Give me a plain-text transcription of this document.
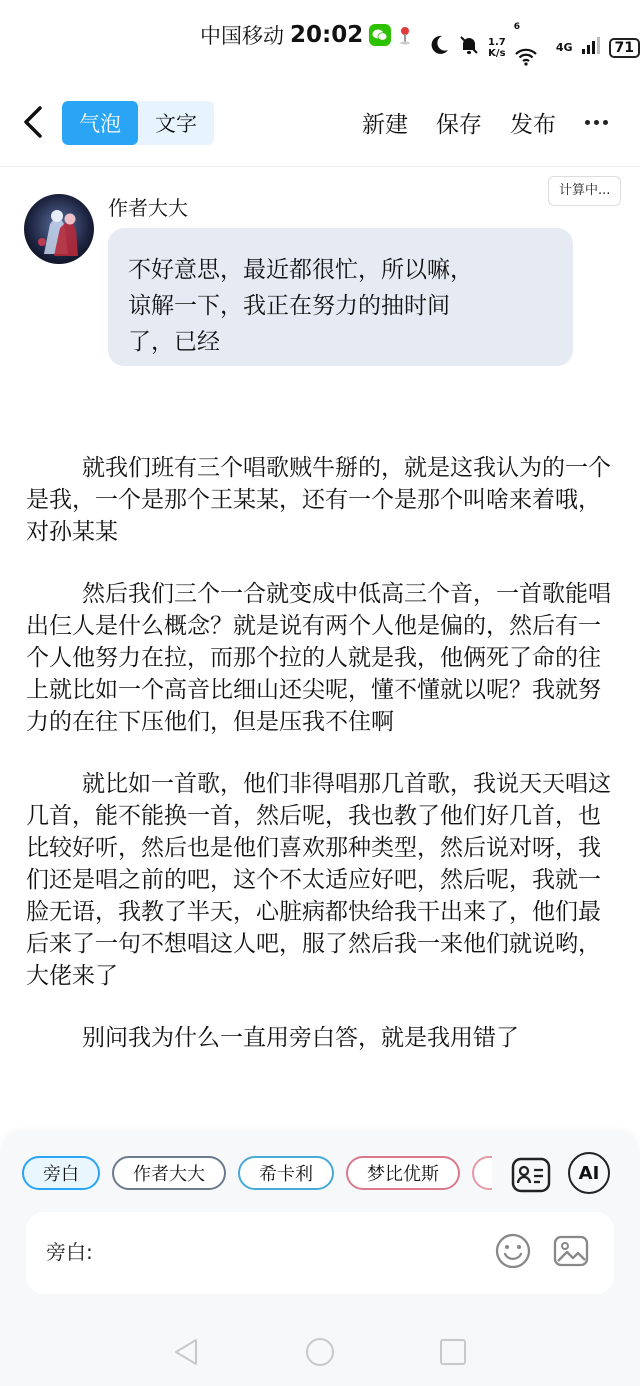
中国移动 20:02	1.7
K/s
$^6$
4G	71
气泡	文字	新建 保存 发布
计算中...
作者大大
不好意思，最近都很忙，所以嘛，
谅解一下，我正在努力的抽时间
了，已经

就我们班有三个唱歌贼牛掰的，就是这我认为的一个是我，一个是那个王某某，还有一个是那个叫啥来着哦，对孙某某

然后我们三个一合就变成中低高三个音，一首歌能唱出仨人是什么概念？就是说有两个人他是偏的，然后有一个人他努力在拉，而那个拉的人就是我，他俩死了命的往上就比如一个高音比细山还尖呢，懂不懂就以呢？我就努力的在往下压他们，但是压我不住啊

就比如一首歌，他们非得唱那几首歌，我说天天唱这几首，能不能换一首，然后呢，我也教了他们好几首，也比较好听，然后也是他们喜欢那种类型，然后说对呀，我们还是唱之前的吧，这个不太适应好吧，然后呢，我就一脸无语，我教了半天，心脏病都快给我干出来了，他们最后来了一句不想唱这人吧，服了然后我一来他们就说哟，大佬来了

别问我为什么一直用旁白答，就是我用错了

旁白	作者大大	希卡利	梦比优斯	AI
旁白:
